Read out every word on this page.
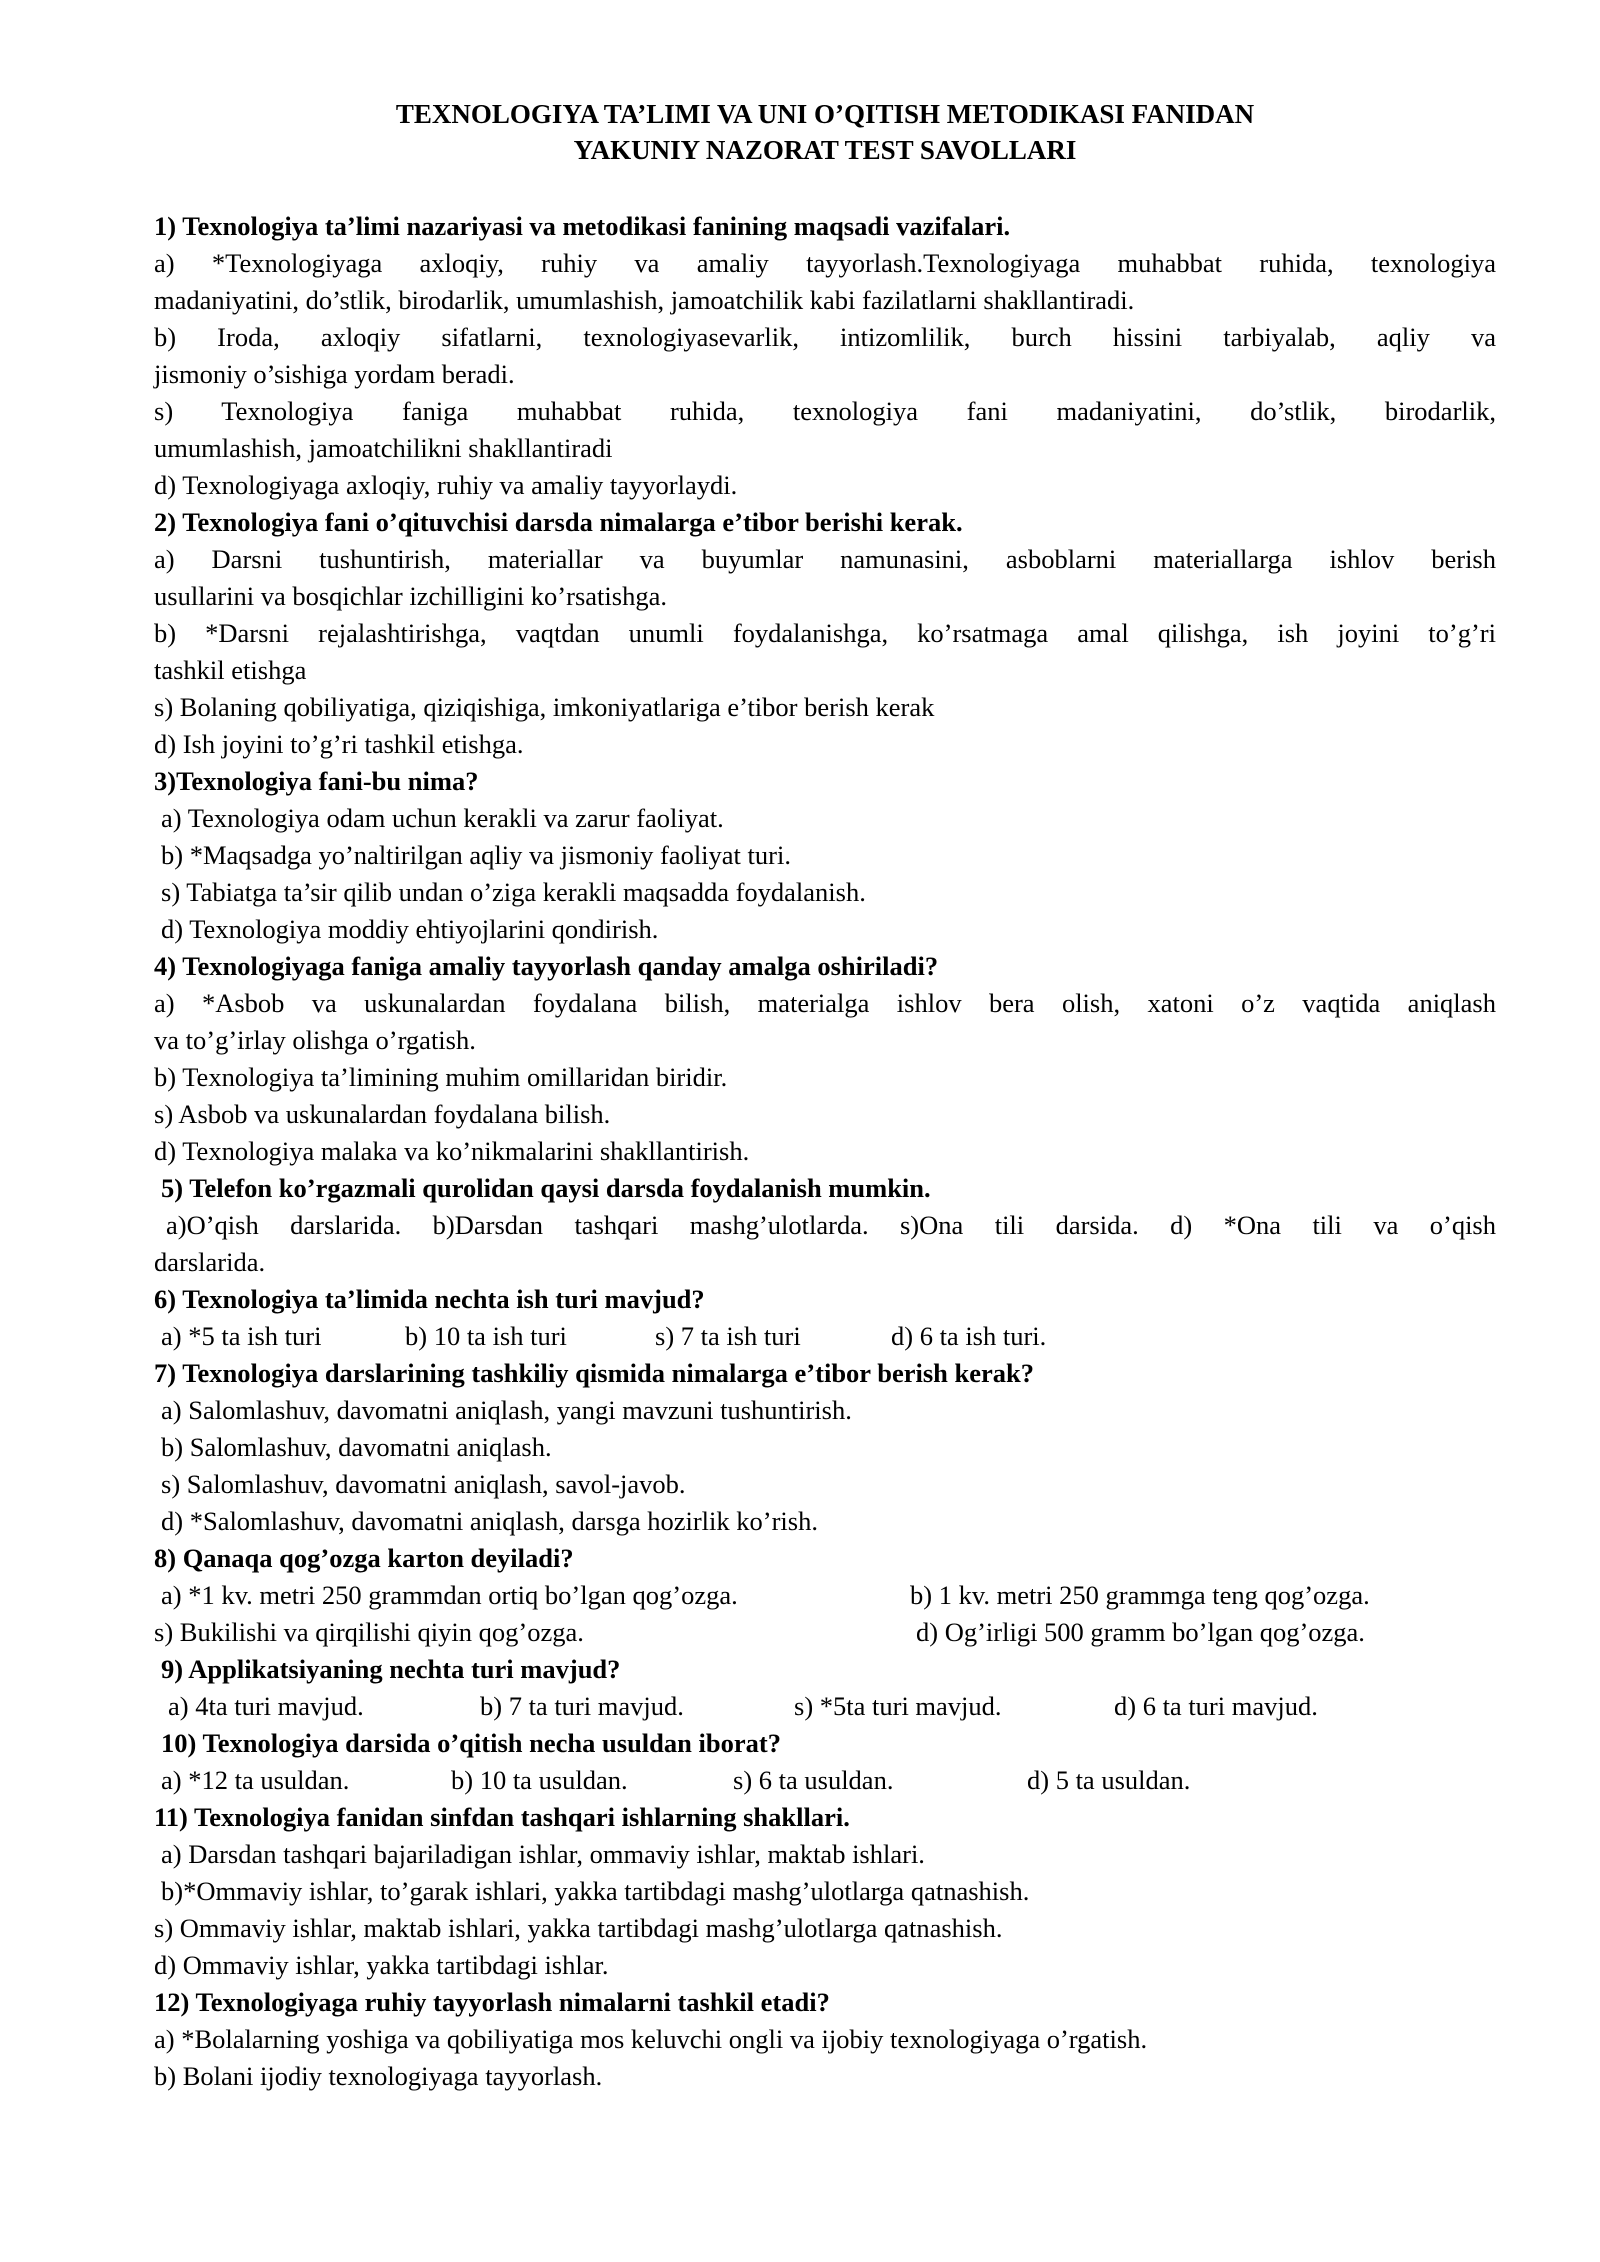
TEXNOLOGIYA TA’LIMI VA UNI O’QITISH METODIKASI FANIDAN
YAKUNIY NAZORAT TEST SAVOLLARI
1) Texnologiya ta’limi nazariyasi va metodikasi fanining maqsadi vazifalari.
a) *Texnologiyaga axloqiy, ruhiy va amaliy tayyorlash.Texnologiyaga muhabbat ruhida, texnologiya
madaniyatini, do’stlik, birodarlik, umumlashish, jamoatchilik kabi fazilatlarni shakllantiradi.
b) Iroda, axloqiy sifatlarni, texnologiyasevarlik, intizomlilik, burch hissini tarbiyalab, aqliy va
jismoniy o’sishiga yordam beradi.
s) Texnologiya faniga muhabbat ruhida, texnologiya fani madaniyatini, do’stlik, birodarlik,
umumlashish, jamoatchilikni shakllantiradi
d) Texnologiyaga axloqiy, ruhiy va amaliy tayyorlaydi.
2) Texnologiya fani o’qituvchisi darsda nimalarga e’tibor berishi kerak.
a) Darsni tushuntirish, materiallar va buyumlar namunasini, asboblarni materiallarga ishlov berish
usullarini va bosqichlar izchilligini ko’rsatishga.
b) *Darsni rejalashtirishga, vaqtdan unumli foydalanishga, ko’rsatmaga amal qilishga, ish joyini to’g’ri
tashkil etishga
s) Bolaning qobiliyatiga, qiziqishiga, imkoniyatlariga e’tibor berish kerak
d) Ish joyini to’g’ri tashkil etishga.
3)Texnologiya fani-bu nima?
a) Texnologiya odam uchun kerakli va zarur faoliyat.
b) *Maqsadga yo’naltirilgan aqliy va jismoniy faoliyat turi.
s) Tabiatga ta’sir qilib undan o’ziga kerakli maqsadda foydalanish.
d) Texnologiya moddiy ehtiyojlarini qondirish.
4) Texnologiyaga faniga amaliy tayyorlash qanday amalga oshiriladi?
a) *Asbob va uskunalardan foydalana bilish, materialga ishlov bera olish, xatoni o’z vaqtida aniqlash
va to’g’irlay olishga o’rgatish.
b) Texnologiya ta’limining muhim omillaridan biridir.
s) Asbob va uskunalardan foydalana bilish.
d) Texnologiya malaka va ko’nikmalarini shakllantirish.
5) Telefon ko’rgazmali qurolidan qaysi darsda foydalanish mumkin.
a)O’qish darslarida. b)Darsdan tashqari mashg’ulotlarda. s)Ona tili darsida. d) *Ona tili va o’qish
darslarida.
6) Texnologiya ta’limida nechta ish turi mavjud?
a) *5 ta ish turi	b) 10 ta ish turi	s) 7 ta ish turi	d) 6 ta ish turi.
7) Texnologiya darslarining tashkiliy qismida nimalarga e’tibor berish kerak?
a) Salomlashuv, davomatni aniqlash, yangi mavzuni tushuntirish.
b) Salomlashuv, davomatni aniqlash.
s) Salomlashuv, davomatni aniqlash, savol-javob.
d) *Salomlashuv, davomatni aniqlash, darsga hozirlik ko’rish.
8) Qanaqa qog’ozga karton deyiladi?
a) *1 kv. metri 250 grammdan ortiq bo’lgan qog’ozga.	b) 1 kv. metri 250 grammga teng qog’ozga.
s) Bukilishi va qirqilishi qiyin qog’ozga.	d) Og’irligi 500 gramm bo’lgan qog’ozga.
9) Applikatsiyaning nechta turi mavjud?
a) 4ta turi mavjud.	b) 7 ta turi mavjud.	s) *5ta turi mavjud.	d) 6 ta turi mavjud.
10) Texnologiya darsida o’qitish necha usuldan iborat?
a) *12 ta usuldan.	b) 10 ta usuldan.	s) 6 ta usuldan.	d) 5 ta usuldan.
11) Texnologiya fanidan sinfdan tashqari ishlarning shakllari.
a) Darsdan tashqari bajariladigan ishlar, ommaviy ishlar, maktab ishlari.
b)*Ommaviy ishlar, to’garak ishlari, yakka tartibdagi mashg’ulotlarga qatnashish.
s) Ommaviy ishlar, maktab ishlari, yakka tartibdagi mashg’ulotlarga qatnashish.
d) Ommaviy ishlar, yakka tartibdagi ishlar.
12) Texnologiyaga ruhiy tayyorlash nimalarni tashkil etadi?
a) *Bolalarning yoshiga va qobiliyatiga mos keluvchi ongli va ijobiy texnologiyaga o’rgatish.
b) Bolani ijodiy texnologiyaga tayyorlash.
